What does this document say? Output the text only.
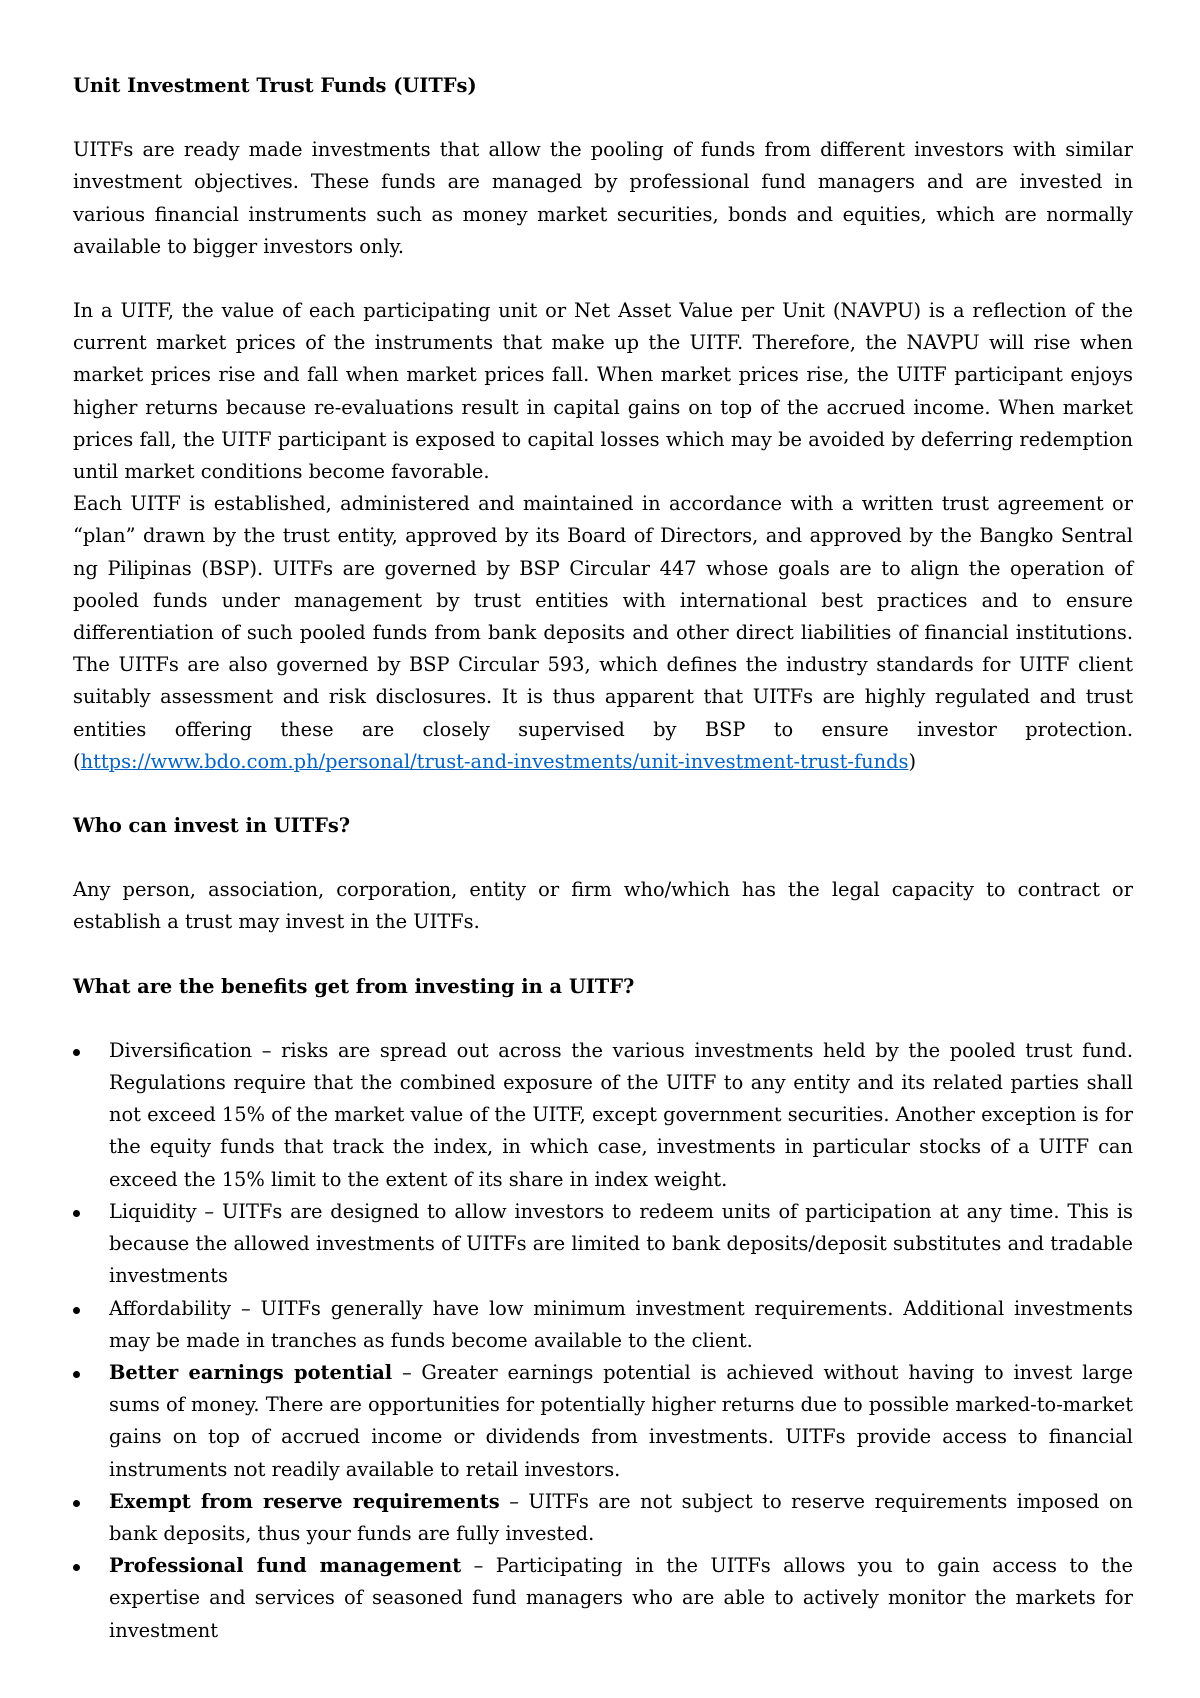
Unit Investment Trust Funds (UITFs)

UITFs are ready made investments that allow the pooling of funds from different investors with similar investment objectives. These funds are managed by professional fund managers and are invested in various financial instruments such as money market securities, bonds and equities, which are normally available to bigger investors only.

In a UITF, the value of each participating unit or Net Asset Value per Unit (NAVPU) is a reflection of the current market prices of the instruments that make up the UITF. Therefore, the NAVPU will rise when market prices rise and fall when market prices fall. When market prices rise, the UITF participant enjoys higher returns because re-evaluations result in capital gains on top of the accrued income. When market prices fall, the UITF participant is exposed to capital losses which may be avoided by deferring redemption until market conditions become favorable.

Each UITF is established, administered and maintained in accordance with a written trust agreement or “plan” drawn by the trust entity, approved by its Board of Directors, and approved by the Bangko Sentral ng Pilipinas (BSP). UITFs are governed by BSP Circular 447 whose goals are to align the operation of pooled funds under management by trust entities with international best practices and to ensure differentiation of such pooled funds from bank deposits and other direct liabilities of financial institutions. The UITFs are also governed by BSP Circular 593, which defines the industry standards for UITF client suitably assessment and risk disclosures. It is thus apparent that UITFs are highly regulated and trust entities offering these are closely supervised by BSP to ensure investor protection. (https://www.bdo.com.ph/personal/trust-and-investments/unit-investment-trust-funds)

Who can invest in UITFs?

Any person, association, corporation, entity or firm who/which has the legal capacity to contract or establish a trust may invest in the UITFs.

What are the benefits get from investing in a UITF?
Diversification – risks are spread out across the various investments held by the pooled trust fund. Regulations require that the combined exposure of the UITF to any entity and its related parties shall not exceed 15% of the market value of the UITF, except government securities. Another exception is for the equity funds that track the index, in which case, investments in particular stocks of a UITF can exceed the 15% limit to the extent of its share in index weight.
Liquidity – UITFs are designed to allow investors to redeem units of participation at any time. This is because the allowed investments of UITFs are limited to bank deposits/deposit substitutes and tradable investments
Affordability – UITFs generally have low minimum investment requirements. Additional investments may be made in tranches as funds become available to the client.
Better earnings potential – Greater earnings potential is achieved without having to invest large sums of money. There are opportunities for potentially higher returns due to possible marked-to-market gains on top of accrued income or dividends from investments. UITFs provide access to financial instruments not readily available to retail investors.
Exempt from reserve requirements – UITFs are not subject to reserve requirements imposed on bank deposits, thus your funds are fully invested.
Professional fund management – Participating in the UITFs allows you to gain access to the expertise and services of seasoned fund managers who are able to actively monitor the markets for investment
